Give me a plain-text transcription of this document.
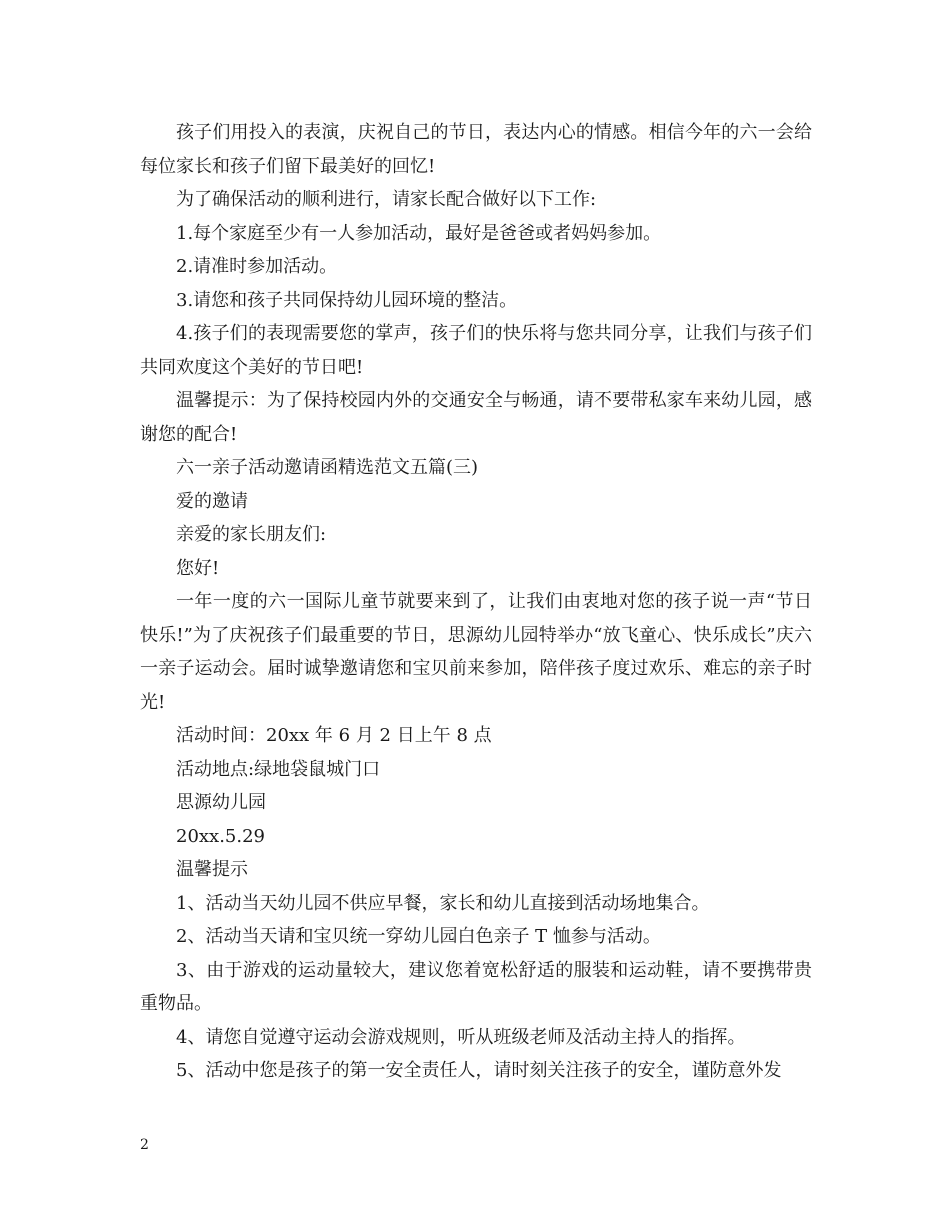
孩子们用投入的表演，庆祝自己的节日，表达内心的情感。相信今年的六一会给每位家长和孩子们留下最美好的回忆!

为了确保活动的顺利进行，请家长配合做好以下工作:

1.每个家庭至少有一人参加活动，最好是爸爸或者妈妈参加。

2.请准时参加活动。

3.请您和孩子共同保持幼儿园环境的整洁。

4.孩子们的表现需要您的掌声，孩子们的快乐将与您共同分享，让我们与孩子们共同欢度这个美好的节日吧!

温馨提示：为了保持校园内外的交通安全与畅通，请不要带私家车来幼儿园，感谢您的配合!

六一亲子活动邀请函精选范文五篇(三)

爱的邀请

亲爱的家长朋友们:

您好!

一年一度的六一国际儿童节就要来到了，让我们由衷地对您的孩子说一声“节日快乐!”为了庆祝孩子们最重要的节日，思源幼儿园特举办“放飞童心、快乐成长”庆六一亲子运动会。届时诚挚邀请您和宝贝前来参加，陪伴孩子度过欢乐、难忘的亲子时光!

活动时间：20xx 年 6 月 2 日上午 8 点

活动地点:绿地袋鼠城门口

思源幼儿园

20xx.5.29

温馨提示

1、活动当天幼儿园不供应早餐，家长和幼儿直接到活动场地集合。

2、活动当天请和宝贝统一穿幼儿园白色亲子 T 恤参与活动。

3、由于游戏的运动量较大，建议您着宽松舒适的服装和运动鞋，请不要携带贵重物品。

4、请您自觉遵守运动会游戏规则，听从班级老师及活动主持人的指挥。

5、活动中您是孩子的第一安全责任人，请时刻关注孩子的安全，谨防意外发

2
